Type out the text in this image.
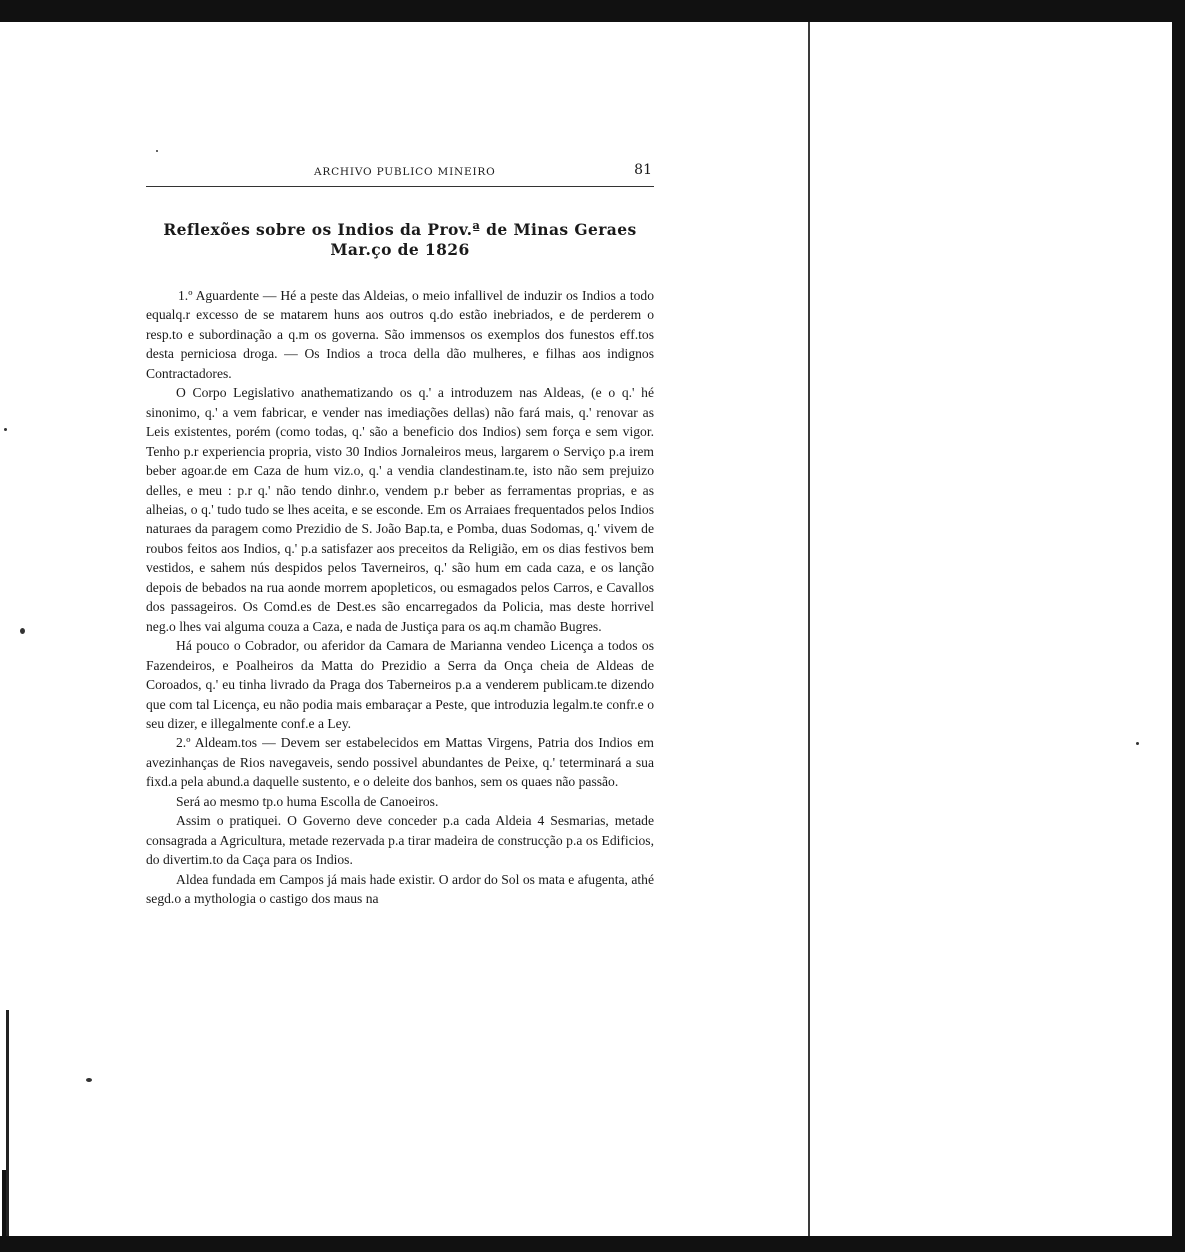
ARCHIVO PUBLICO MINEIRO	81
Reflexões sobre os Indios da Prov.ª de Minas Geraes Mar.ço de 1826

1.º Aguardente — Hé a peste das Aldeias, o meio infallivel de induzir os Indios a todo equalq.r excesso de se matarem huns aos outros q.do estão inebriados, e de perderem o resp.to e subordinação a q.m os governa. São immensos os exemplos dos funestos eff.tos desta perniciosa droga. — Os Indios a troca della dão mulheres, e filhas aos indignos Contractadores.

O Corpo Legislativo anathematizando os q.' a introduzem nas Aldeas, (e o q.' hé sinonimo, q.' a vem fabricar, e vender nas imediações dellas) não fará mais, q.' renovar as Leis existentes, porém (como todas, q.' são a beneficio dos Indios) sem força e sem vigor. Tenho p.r experiencia propria, visto 30 Indios Jornaleiros meus, largarem o Serviço p.a irem beber agoar.de em Caza de hum viz.o, q.' a vendia clandestinam.te, isto não sem prejuizo delles, e meu : p.r q.' não tendo dinhr.o, vendem p.r beber as ferramentas proprias, e as alheias, o q.' tudo tudo se lhes aceita, e se esconde. Em os Arraiaes frequentados pelos Indios naturaes da paragem como Prezidio de S. João Bap.ta, e Pomba, duas Sodomas, q.' vivem de roubos feitos aos Indios, q.' p.a satisfazer aos preceitos da Religião, em os dias festivos bem vestidos, e sahem nús despidos pelos Taverneiros, q.' são hum em cada caza, e os lanção depois de bebados na rua aonde morrem apopleticos, ou esmagados pelos Carros, e Cavallos dos passageiros. Os Comd.es de Dest.es são encarregados da Policia, mas deste horrivel neg.o lhes vai alguma couza a Caza, e nada de Justiça para os aq.m chamão Bugres.

Há pouco o Cobrador, ou aferidor da Camara de Marianna vendeo Licença a todos os Fazendeiros, e Poalheiros da Matta do Prezidio a Serra da Onça cheia de Aldeas de Coroados, q.' eu tinha livrado da Praga dos Taberneiros p.a a venderem publicam.te dizendo que com tal Licença, eu não podia mais embaraçar a Peste, que introduzia legalm.te confr.e o seu dizer, e illegalmente conf.e a Ley.

2.º Aldeam.tos — Devem ser estabelecidos em Mattas Virgens, Patria dos Indios em avezinhanças de Rios navegaveis, sendo possivel abundantes de Peixe, q.' teterminará a sua fixd.a pela abund.a daquelle sustento, e o deleite dos banhos, sem os quaes não passão.

Será ao mesmo tp.o huma Escolla de Canoeiros.

Assim o pratiquei. O Governo deve conceder p.a cada Aldeia 4 Sesmarias, metade consagrada a Agricultura, metade rezervada p.a tirar madeira de construcção p.a os Edificios, do divertim.to da Caça para os Indios.

Aldea fundada em Campos já mais hade existir. O ardor do Sol os mata e afugenta, athé segd.o a mythologia o castigo dos maus na
